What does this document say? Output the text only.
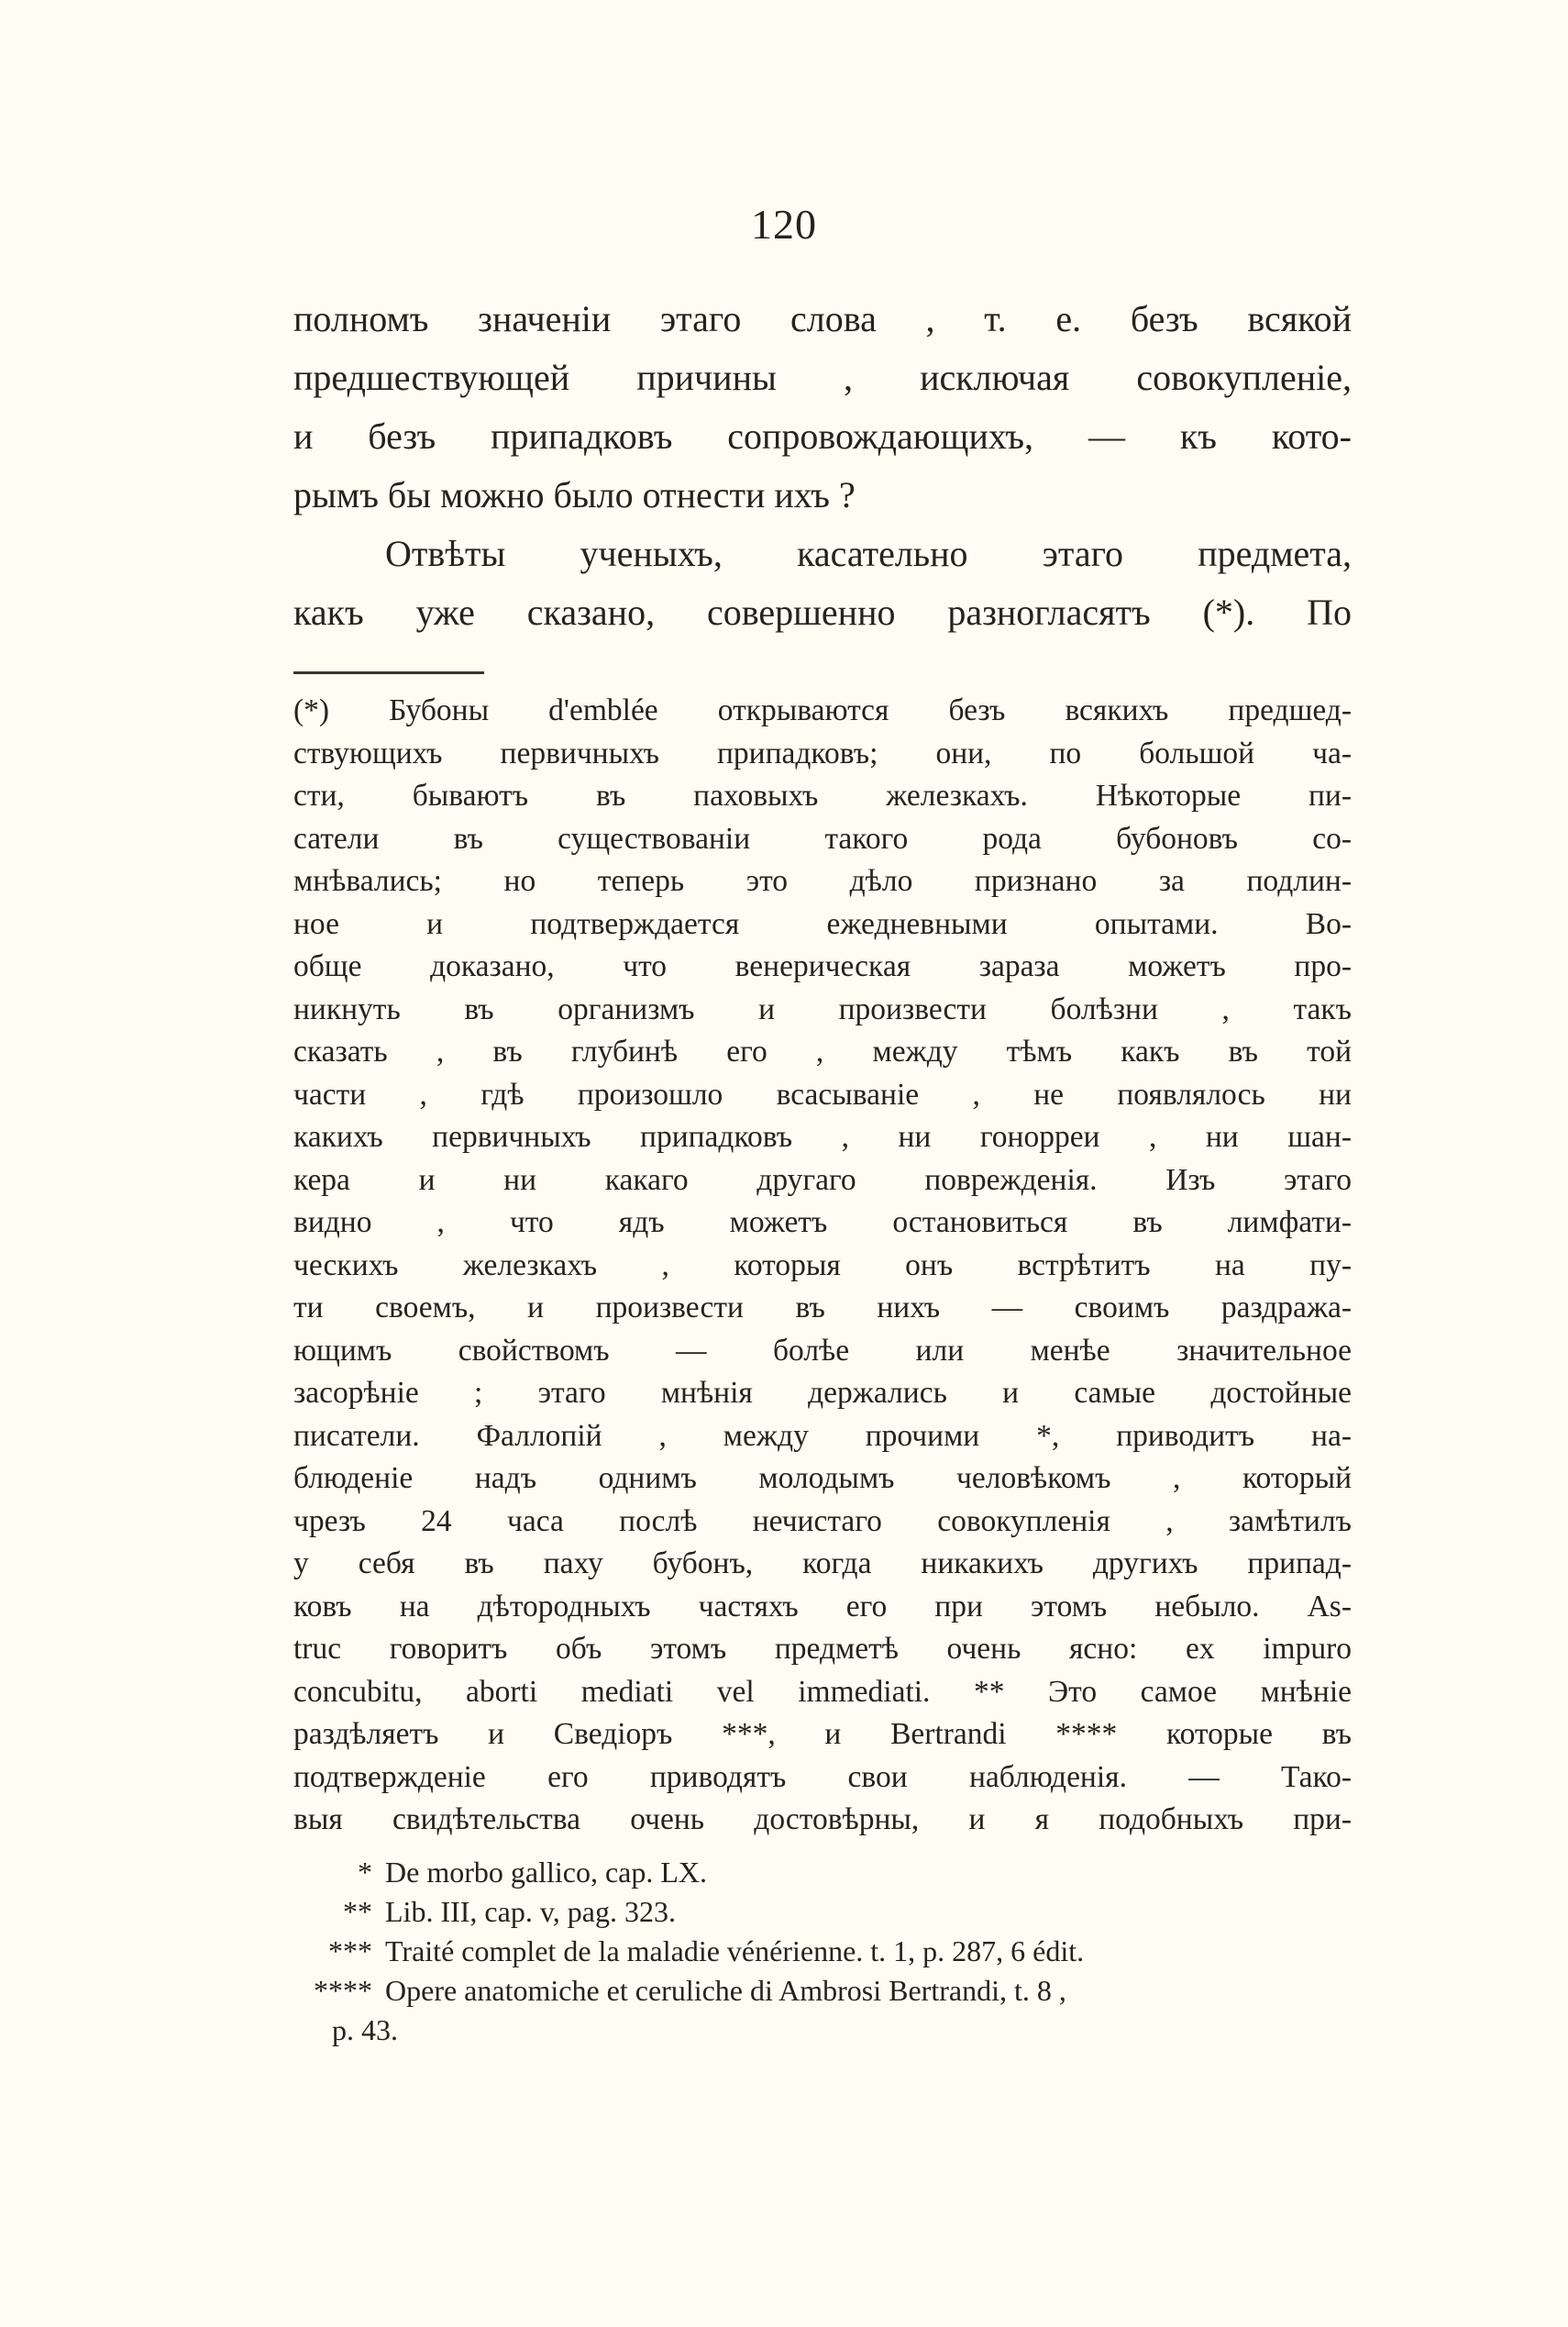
120
полномъ значеніи этаго слова , т. е. безъ всякой
предшествующей причины , исключая совокупленіе,
и безъ припадковъ сопровождающихъ, — къ кото-
рымъ бы можно было отнести ихъ ?
Отвѣты ученыхъ, касательно этаго предмета,
какъ уже сказано, совершенно разногласятъ (*). По
(*) Бубоны d'emblée открываются безъ всякихъ предшед-
ствующихъ первичныхъ припадковъ; они, по большой ча-
сти, бываютъ въ паховыхъ железкахъ. Нѣкоторые пи-
сатели въ существованіи такого рода бубоновъ со-
мнѣвались; но теперь это дѣло признано за подлин-
ное и подтверждается ежедневными опытами. Во-
обще доказано, что венерическая зараза можетъ про-
никнуть въ организмъ и произвести болѣзни , такъ
сказать , въ глубинѣ его , между тѣмъ какъ въ той
части , гдѣ произошло всасываніе , не появлялось ни
какихъ первичныхъ припадковъ , ни гонорреи , ни шан-
кера и ни какаго другаго поврежденія. Изъ этаго
видно , что ядъ можетъ остановиться въ лимфати-
ческихъ железкахъ , которыя онъ встрѣтитъ на пу-
ти своемъ, и произвести въ нихъ — своимъ раздража-
ющимъ свойствомъ — болѣе или менѣе значительное
засорѣніе ; этаго мнѣнія держались и самые достойные
писатели. Фаллопій , между прочими *, приводитъ на-
блюденіе надъ однимъ молодымъ человѣкомъ , который
чрезъ 24 часа послѣ нечистаго совокупленія , замѣтилъ
у себя въ паху бубонъ, когда никакихъ другихъ припад-
ковъ на дѣтородныхъ частяхъ его при этомъ небыло. As-
truc говоритъ объ этомъ предметѣ очень ясно: ex impuro
concubitu, aborti mediati vel immediati. ** Это самое мнѣніе
раздѣляетъ и Сведіоръ ***, и Bertrandi **** которые въ
подтвержденіе его приводятъ свои наблюденія. — Тако-
выя свидѣтельства очень достовѣрны, и я подобныхъ при-
* De morbo gallico, cap. LX.
** Lib. III, cap. v, pag. 323.
*** Traité complet de la maladie vénérienne. t. 1, p. 287, 6 édit.
**** Opere anatomiche et ceruliche di Ambrosi Bertrandi, t. 8 ,
p. 43.
